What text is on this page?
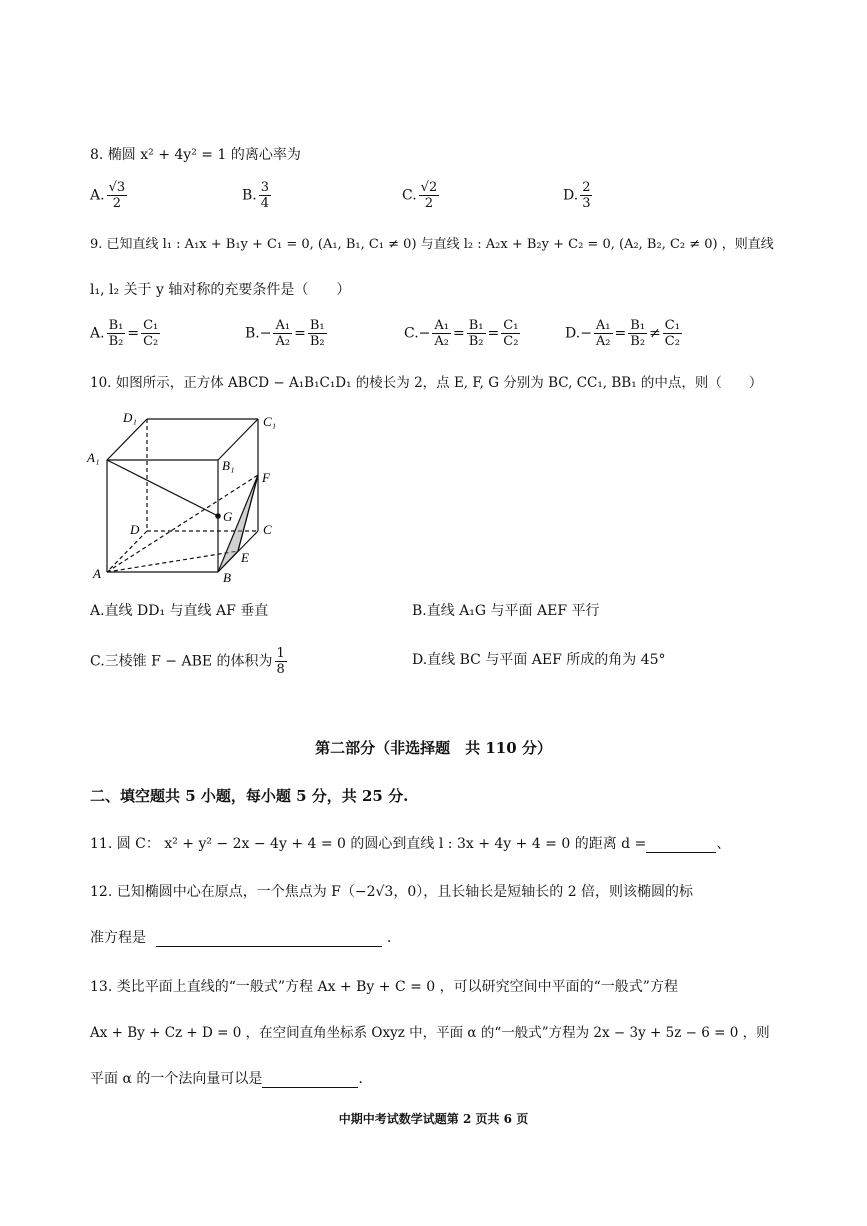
8. 椭圆 x² + 4y² = 1 的离心率为
A. $\frac{√3}{2}$	B. $\frac{3}{4}$	C. $\frac{√2}{2}$	D. $\frac{2}{3}$
9. 已知直线 l₁ : A₁x + B₁y + C₁ = 0, (A₁, B₁, C₁ ≠ 0) 与直线 l₂ : A₂x + B₂y + C₂ = 0, (A₂, B₂, C₂ ≠ 0) ，则直线
l₁, l₂ 关于 y 轴对称的充要条件是（　　）
A. $\frac{\text{B₁}}{\text{B₂}} = \frac{\text{C₁}}{\text{C₂}}$	$B.- \frac{\text{A₁}}{\text{A₂}} = \frac{\text{B₁}}{\text{B₂}}$	$C.- \frac{\text{A₁}}{\text{A₂}} = \frac{\text{B₁}}{\text{B₂}} = \frac{\text{C₁}}{\text{C₂}}$	$D.- \frac{\text{A₁}}{\text{A₂}} = \frac{\text{B₁}}{\text{B₂}} \ne \frac{\text{C₁}}{\text{C₂}}$
10. 如图所示，正方体 ABCD − A₁B₁C₁D₁ 的棱长为 2，点 E, F, G 分别为 BC, CC₁, BB₁ 的中点，则（　　）
D₁	C₁
A₁
B₁
F
G
D	C
E
A	B
A.直线 DD₁ 与直线 AF 垂直	B.直线 A₁G 与平面 AEF 平行
C.三棱锥 F − ABE 的体积为 $\frac{1}{8}$	D.直线 BC 与平面 AEF 所成的角为 45°
第二部分（非选择题　共 110 分）
二、填空题共 5 小题，每小题 5 分，共 25 分.
11. 圆 C： x² + y² − 2x − 4y + 4 = 0 的圆心到直线 l : 3x + 4y + 4 = 0 的距离 d =	、
12. 已知椭圆中心在原点，一个焦点为 F（−2√3，0），且长轴长是短轴长的 2 倍，则该椭圆的标
准方程是	.
13. 类比平面上直线的“一般式”方程 Ax + By + C = 0 ，可以研究空间中平面的“一般式”方程
Ax + By + Cz + D = 0 ，在空间直角坐标系 Oxyz 中，平面 α 的“一般式”方程为 2x − 3y + 5z − 6 = 0 ，则
平面 α 的一个法向量可以是	.
中期中考试数学试题第 2 页共 6 页
